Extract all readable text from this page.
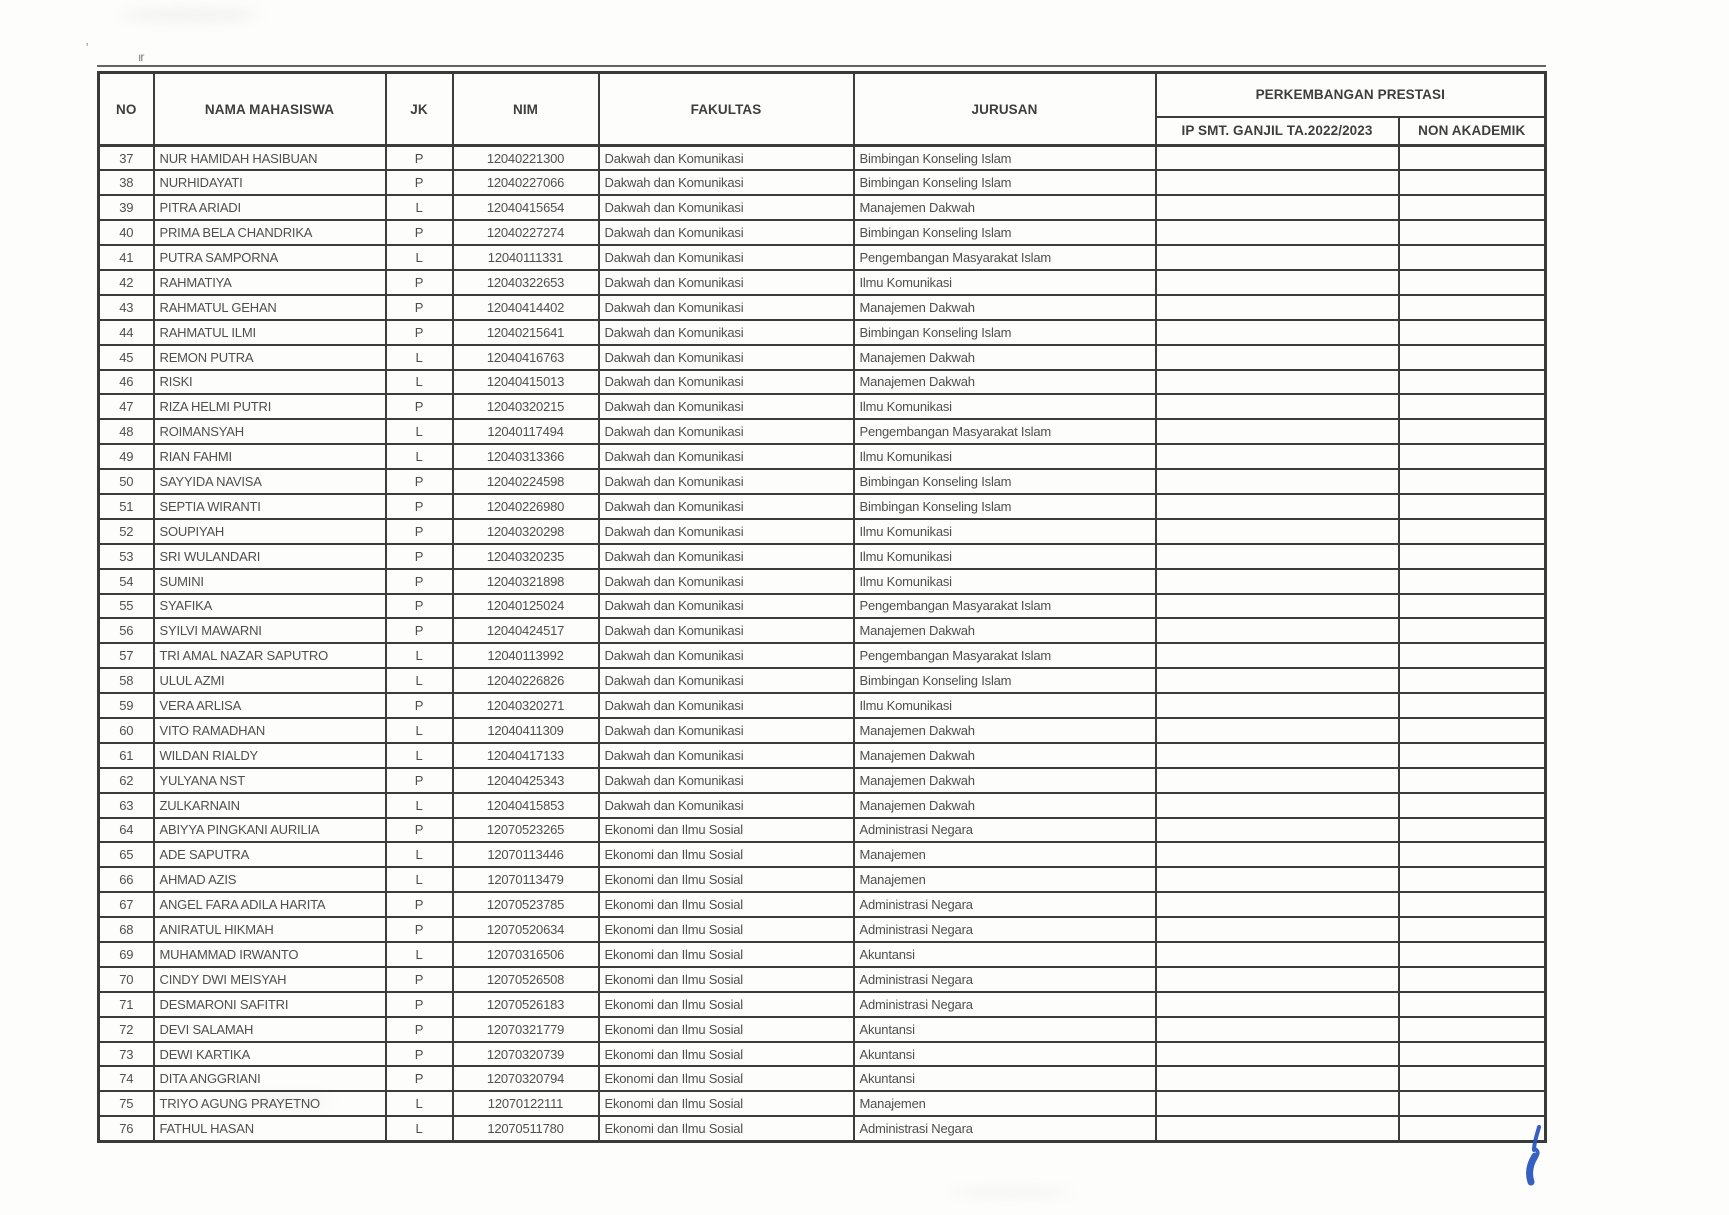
'
ır
NO	NAMA MAHASISWA	JK	NIM	FAKULTAS	JURUSAN	PERKEMBANGAN PRESTASI	
						IP SMT. GANJIL TA.2022/2023	NON AKADEMIK
37	NUR HAMIDAH HASIBUAN	P	12040221300	Dakwah dan Komunikasi	Bimbingan Konseling Islam		
38	NURHIDAYATI	P	12040227066	Dakwah dan Komunikasi	Bimbingan Konseling Islam		
39	PITRA ARIADI	L	12040415654	Dakwah dan Komunikasi	Manajemen Dakwah		
40	PRIMA BELA CHANDRIKA	P	12040227274	Dakwah dan Komunikasi	Bimbingan Konseling Islam		
41	PUTRA SAMPORNA	L	12040111331	Dakwah dan Komunikasi	Pengembangan Masyarakat Islam		
42	RAHMATIYA	P	12040322653	Dakwah dan Komunikasi	Ilmu Komunikasi		
43	RAHMATUL GEHAN	P	12040414402	Dakwah dan Komunikasi	Manajemen Dakwah		
44	RAHMATUL ILMI	P	12040215641	Dakwah dan Komunikasi	Bimbingan Konseling Islam		
45	REMON PUTRA	L	12040416763	Dakwah dan Komunikasi	Manajemen Dakwah		
46	RISKI	L	12040415013	Dakwah dan Komunikasi	Manajemen Dakwah		
47	RIZA HELMI PUTRI	P	12040320215	Dakwah dan Komunikasi	Ilmu Komunikasi		
48	ROIMANSYAH	L	12040117494	Dakwah dan Komunikasi	Pengembangan Masyarakat Islam		
49	RIAN FAHMI	L	12040313366	Dakwah dan Komunikasi	Ilmu Komunikasi		
50	SAYYIDA NAVISA	P	12040224598	Dakwah dan Komunikasi	Bimbingan Konseling Islam		
51	SEPTIA WIRANTI	P	12040226980	Dakwah dan Komunikasi	Bimbingan Konseling Islam		
52	SOUPIYAH	P	12040320298	Dakwah dan Komunikasi	Ilmu Komunikasi		
53	SRI WULANDARI	P	12040320235	Dakwah dan Komunikasi	Ilmu Komunikasi		
54	SUMINI	P	12040321898	Dakwah dan Komunikasi	Ilmu Komunikasi		
55	SYAFIKA	P	12040125024	Dakwah dan Komunikasi	Pengembangan Masyarakat Islam		
56	SYILVI MAWARNI	P	12040424517	Dakwah dan Komunikasi	Manajemen Dakwah		
57	TRI AMAL NAZAR SAPUTRO	L	12040113992	Dakwah dan Komunikasi	Pengembangan Masyarakat Islam		
58	ULUL AZMI	L	12040226826	Dakwah dan Komunikasi	Bimbingan Konseling Islam		
59	VERA ARLISA	P	12040320271	Dakwah dan Komunikasi	Ilmu Komunikasi		
60	VITO RAMADHAN	L	12040411309	Dakwah dan Komunikasi	Manajemen Dakwah		
61	WILDAN RIALDY	L	12040417133	Dakwah dan Komunikasi	Manajemen Dakwah		
62	YULYANA NST	P	12040425343	Dakwah dan Komunikasi	Manajemen Dakwah		
63	ZULKARNAIN	L	12040415853	Dakwah dan Komunikasi	Manajemen Dakwah		
64	ABIYYA PINGKANI AURILIA	P	12070523265	Ekonomi dan Ilmu Sosial	Administrasi Negara		
65	ADE SAPUTRA	L	12070113446	Ekonomi dan Ilmu Sosial	Manajemen		
66	AHMAD AZIS	L	12070113479	Ekonomi dan Ilmu Sosial	Manajemen		
67	ANGEL FARA ADILA HARITA	P	12070523785	Ekonomi dan Ilmu Sosial	Administrasi Negara		
68	ANIRATUL HIKMAH	P	12070520634	Ekonomi dan Ilmu Sosial	Administrasi Negara		
69	MUHAMMAD IRWANTO	L	12070316506	Ekonomi dan Ilmu Sosial	Akuntansi		
70	CINDY DWI MEISYAH	P	12070526508	Ekonomi dan Ilmu Sosial	Administrasi Negara		
71	DESMARONI SAFITRI	P	12070526183	Ekonomi dan Ilmu Sosial	Administrasi Negara		
72	DEVI SALAMAH	P	12070321779	Ekonomi dan Ilmu Sosial	Akuntansi		
73	DEWI KARTIKA	P	12070320739	Ekonomi dan Ilmu Sosial	Akuntansi		
74	DITA ANGGRIANI	P	12070320794	Ekonomi dan Ilmu Sosial	Akuntansi		
75	TRIYO AGUNG PRAYETNO	L	12070122111	Ekonomi dan Ilmu Sosial	Manajemen		
76	FATHUL HASAN	L	12070511780	Ekonomi dan Ilmu Sosial	Administrasi Negara		
